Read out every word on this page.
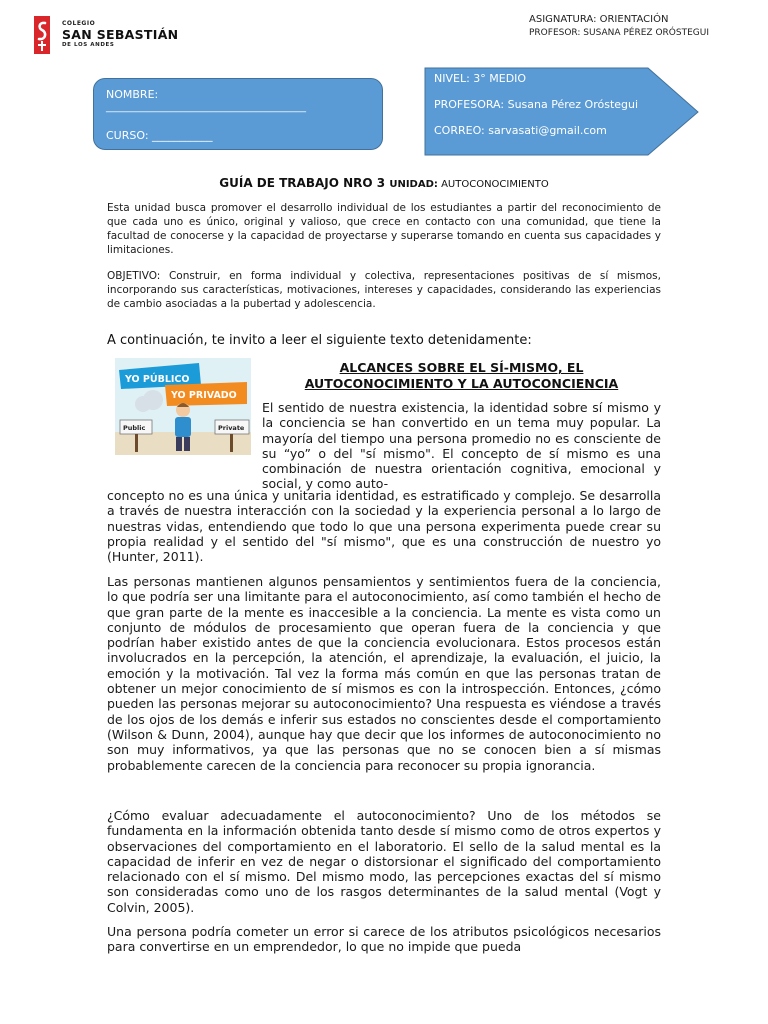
COLEGIO
SAN SEBASTIÁN
DE LOS ANDES
ASIGNATURA: ORIENTACIÓN
PROFESOR: SUSANA PÉREZ ORÓSTEGUI
NOMBRE:
________________________________________
CURSO: ___________
NIVEL: 3° MEDIO
PROFESORA: Susana Pérez Oróstegui
CORREO: sarvasati@gmail.com
GUÍA DE TRABAJO NRO 3 UNIDAD: AUTOCONOCIMIENTO
Esta unidad busca promover el desarrollo individual de los estudiantes a partir del reconocimiento de que cada uno es único, original y valioso, que crece en contacto con una comunidad, que tiene la facultad de conocerse y la capacidad de proyectarse y superarse tomando en cuenta sus capacidades y limitaciones.
OBJETIVO: Construir, en forma individual y colectiva, representaciones positivas de sí mismos, incorporando sus características, motivaciones, intereses y capacidades, considerando las experiencias de cambio asociadas a la pubertad y adolescencia.
A continuación, te invito a leer el siguiente texto detenidamente:
YO PÚBLICO
YO PRIVADO
Public	Private
ALCANCES SOBRE EL SÍ-MISMO, EL
AUTOCONOCIMIENTO Y LA AUTOCONCIENCIA
El sentido de nuestra existencia, la identidad sobre sí mismo y la conciencia se han convertido en un tema muy popular. La mayoría del tiempo una persona promedio no es consciente de su “yo” o del "sí mismo". El concepto de sí mismo es una combinación de nuestra orientación cognitiva, emocional y social, y como auto-
concepto no es una única y unitaria identidad, es estratificado y complejo. Se desarrolla a través de nuestra interacción con la sociedad y la experiencia personal a lo largo de nuestras vidas, entendiendo que todo lo que una persona experimenta puede crear su propia realidad y el sentido del "sí mismo", que es una construcción de nuestro yo (Hunter, 2011).
Las personas mantienen algunos pensamientos y sentimientos fuera de la conciencia, lo que podría ser una limitante para el autoconocimiento, así como también el hecho de que gran parte de la mente es inaccesible a la conciencia. La mente es vista como un conjunto de módulos de procesamiento que operan fuera de la conciencia y que podrían haber existido antes de que la conciencia evolucionara. Estos procesos están involucrados en la percepción, la atención, el aprendizaje, la evaluación, el juicio, la emoción y la motivación. Tal vez la forma más común en que las personas tratan de obtener un mejor conocimiento de sí mismos es con la introspección. Entonces, ¿cómo pueden las personas mejorar su autoconocimiento? Una respuesta es viéndose a través de los ojos de los demás e inferir sus estados no conscientes desde el comportamiento (Wilson & Dunn, 2004), aunque hay que decir que los informes de autoconocimiento no son muy informativos, ya que las personas que no se conocen bien a sí mismas probablemente carecen de la conciencia para reconocer su propia ignorancia.
¿Cómo evaluar adecuadamente el autoconocimiento? Uno de los métodos se fundamenta en la información obtenida tanto desde sí mismo como de otros expertos y observaciones del comportamiento en el laboratorio. El sello de la salud mental es la capacidad de inferir en vez de negar o distorsionar el significado del comportamiento relacionado con el sí mismo. Del mismo modo, las percepciones exactas del sí mismo son consideradas como uno de los rasgos determinantes de la salud mental (Vogt y Colvin, 2005).
Una persona podría cometer un error si carece de los atributos psicológicos necesarios para convertirse en un emprendedor, lo que no impide que pueda
